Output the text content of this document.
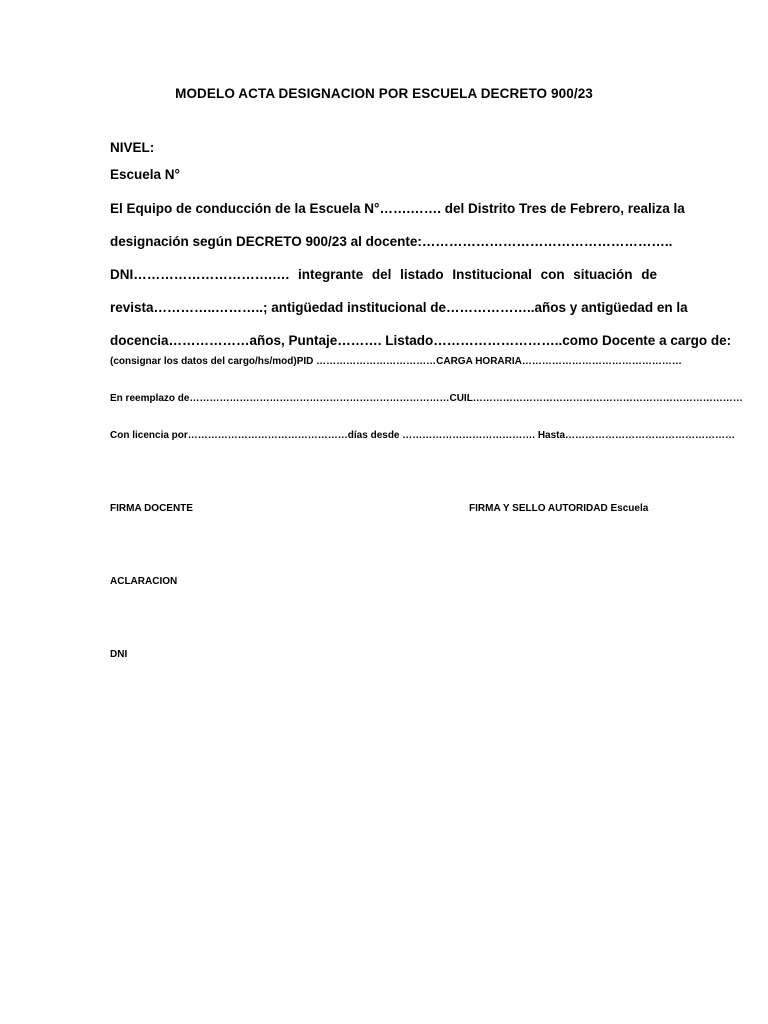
MODELO ACTA DESIGNACION POR ESCUELA DECRETO 900/23

NIVEL:

Escuela N°

El Equipo de conducción de la Escuela N°…….……. del Distrito Tres de Febrero, realiza la
designación según DECRETO 900/23 al docente:………………………………………………..
DNI………………………….…. integrante del listado Institucional con situación de
revista…………..………..; antigüedad institucional de………………..años y antigüedad en la
docencia………………años, Puntaje………. Listado………………………..como Docente a cargo de:

(consignar los datos del cargo/hs/mod)PID ………………………………CARGA HORARIA…………………………………………

En reemplazo de……………………………………………………………………CUIL………………………………………………………………………

Con licencia por…………………………………………días desde …………………………………. Hasta……………………………………………

FIRMA DOCENTE	FIRMA Y SELLO AUTORIDAD Escuela

ACLARACION

DNI
